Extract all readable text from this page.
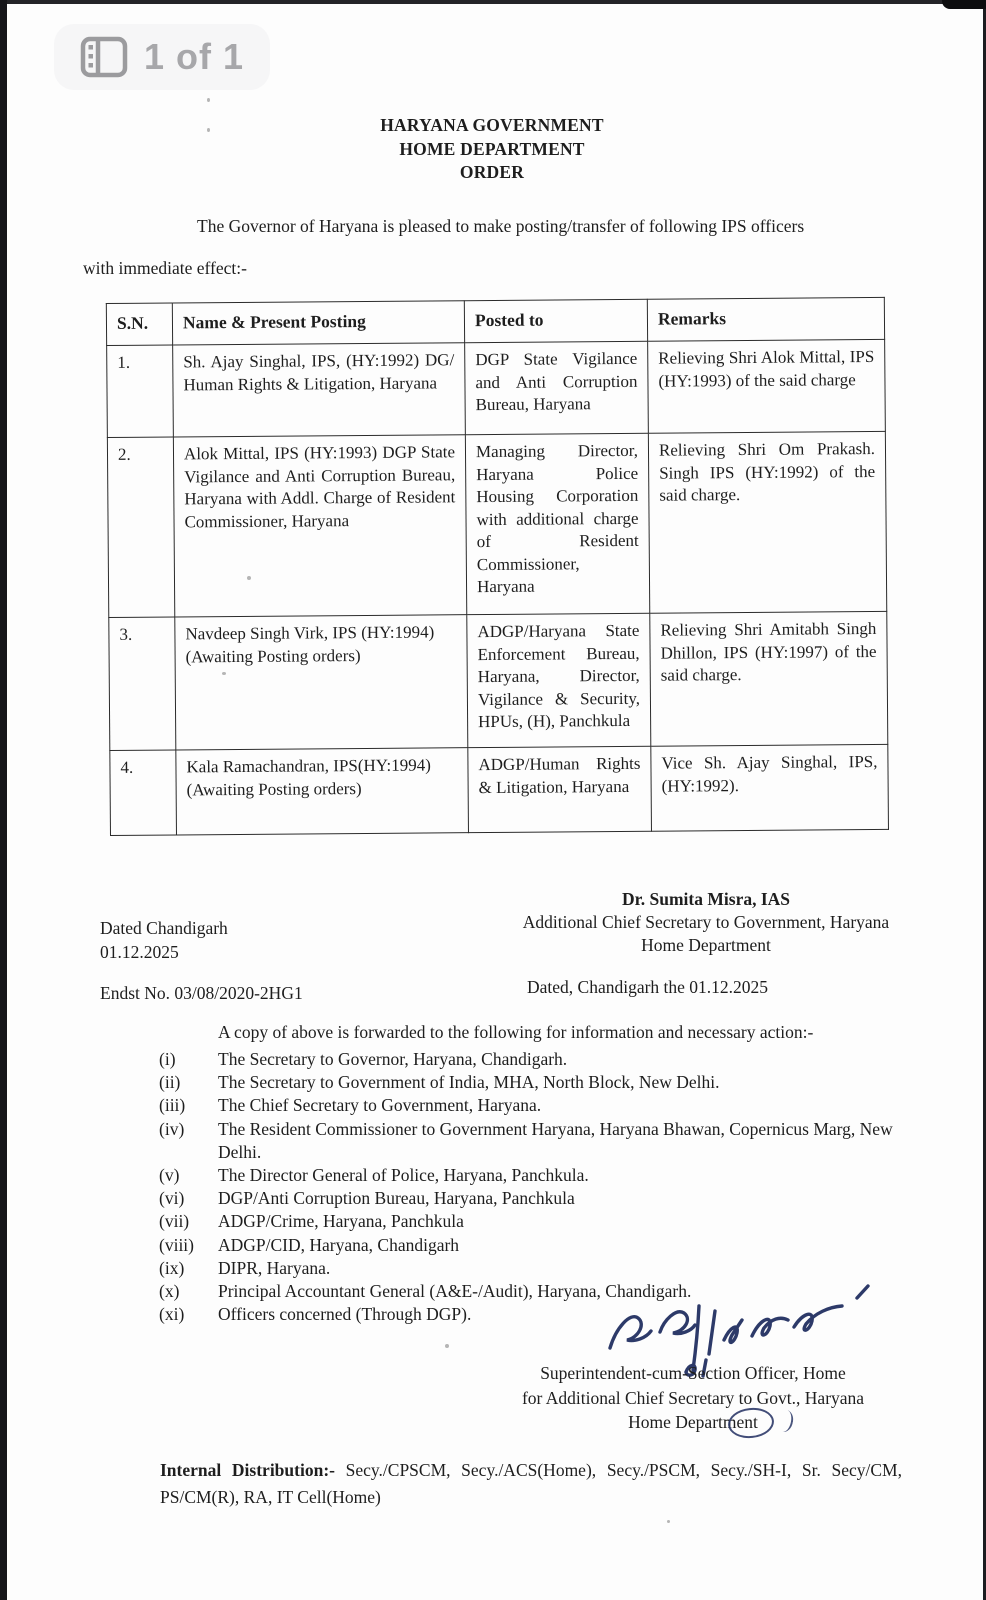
1 of 1
HARYANA GOVERNMENT
HOME DEPARTMENT
ORDER
The Governor of Haryana is pleased to make posting/transfer of following IPS officers
with immediate effect:-
S.N.	Name & Present Posting	Posted to	Remarks
1.	Sh. Ajay Singhal, IPS, (HY:1992) DG/ Human Rights & Litigation, Haryana	DGP State Vigilance and Anti Corruption Bureau, Haryana	Relieving Shri Alok Mittal, IPS (HY:1993) of the said charge
2.	Alok Mittal, IPS (HY:1993) DGP State Vigilance and Anti Corruption Bureau, Haryana with Addl. Charge of Resident Commissioner, Haryana	Managing Director, Haryana Police Housing Corporation with additional charge of Resident Commissioner, Haryana	Relieving Shri Om Prakash. Singh IPS (HY:1992) of the said charge.
3.	Navdeep Singh Virk, IPS (HY:1994) (Awaiting Posting orders)	ADGP/Haryana State Enforcement Bureau, Haryana, Director, Vigilance & Security, HPUs, (H), Panchkula	Relieving Shri Amitabh Singh Dhillon, IPS (HY:1997) of the said charge.
4.	Kala Ramachandran, IPS(HY:1994) (Awaiting Posting orders)	ADGP/Human Rights & Litigation, Haryana	Vice Sh. Ajay Singhal, IPS, (HY:1992).
Dr. Sumita Misra, IAS
Additional Chief Secretary to Government, Haryana
Home Department
Dated Chandigarh
01.12.2025
Endst No. 03/08/2020-2HG1	Dated, Chandigarh the 01.12.2025
A copy of above is forwarded to the following for information and necessary action:-
(i)	The Secretary to Governor, Haryana, Chandigarh.
(ii)	The Secretary to Government of India, MHA, North Block, New Delhi.
(iii)	The Chief Secretary to Government, Haryana.
(iv)	The Resident Commissioner to Government Haryana, Haryana Bhawan, Copernicus Marg, New Delhi.
(v)	The Director General of Police, Haryana, Panchkula.
(vi)	DGP/Anti Corruption Bureau, Haryana, Panchkula
(vii)	ADGP/Crime, Haryana, Panchkula
(viii)	ADGP/CID, Haryana, Chandigarh
(ix)	DIPR, Haryana.
(x)	Principal Accountant General (A&E-/Audit), Haryana, Chandigarh.
(xi)	Officers concerned (Through DGP).
Superintendent-cum-Section Officer, Home
for Additional Chief Secretary to Govt., Haryana
Home Department
Internal Distribution:- Secy./CPSCM, Secy./ACS(Home), Secy./PSCM, Secy./SH-I, Sr. Secy/CM, PS/CM(R), RA, IT Cell(Home)
